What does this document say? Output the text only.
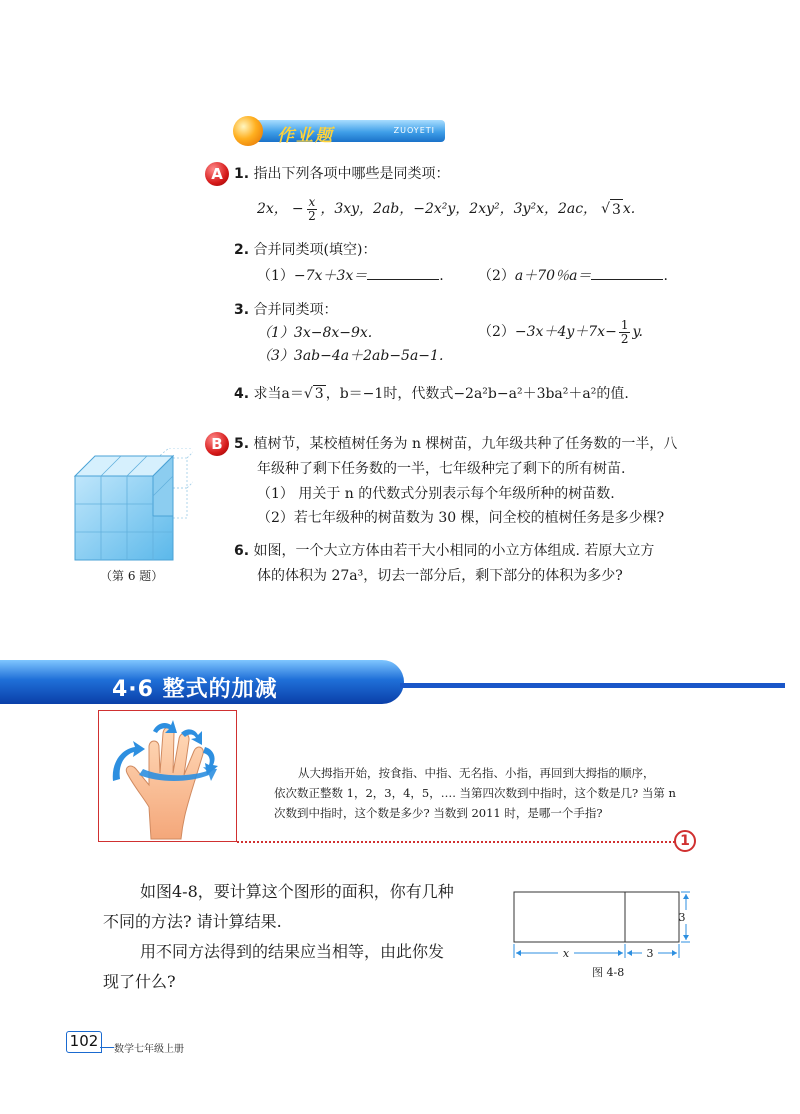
作业题	ZUOYETI
A 1. 指出下列各项中哪些是同类项：
2x， − $\frac{x}{2}$ ，3xy，2ab，−2x²y，2xy²，3y²x，2ac， √ 3 x.
2. 合并同类项(填空)：
（1）−7x＋3x＝	. （2）a＋70％a＝	.
3. 合并同类项：
（1）3x−8x−9x.	$(2) -3x+4y+7x- \frac{1}{2} y$.
（3）3ab−4a＋2ab−5a−1.
4. 求当a＝√ 3 ，b＝−1时，代数式−2a²b−a²＋3ba²＋a²的值.
B 5. 植树节，某校植树任务为 n 棵树苗，九年级共种了任务数的一半，八
年级种了剩下任务数的一半，七年级种完了剩下的所有树苗.
（1） 用关于 n 的代数式分别表示每个年级所种的树苗数.
（2）若七年级种的树苗数为 30 棵，问全校的植树任务是多少棵?
6. 如图，一个大立方体由若干大小相同的小立方体组成. 若原大立方
体的体积为 27a³，切去一部分后，剩下部分的体积为多少?
（第 6 题）
4·6 整式的加减
1
从大拇指开始，按食指、中指、无名指、小指，再回到大拇指的顺序，
依次数正整数 1，2，3，4，5，…. 当第四次数到中指时，这个数是几? 当第 n
次数到中指时，这个数是多少? 当数到 2011 时，是哪一个手指?
如图4-8，要计算这个图形的面积，你有几种
不同的方法? 请计算结果.
用不同方法得到的结果应当相等，由此你发
现了什么?
x	3
3
图 4-8
102	数学七年级上册
